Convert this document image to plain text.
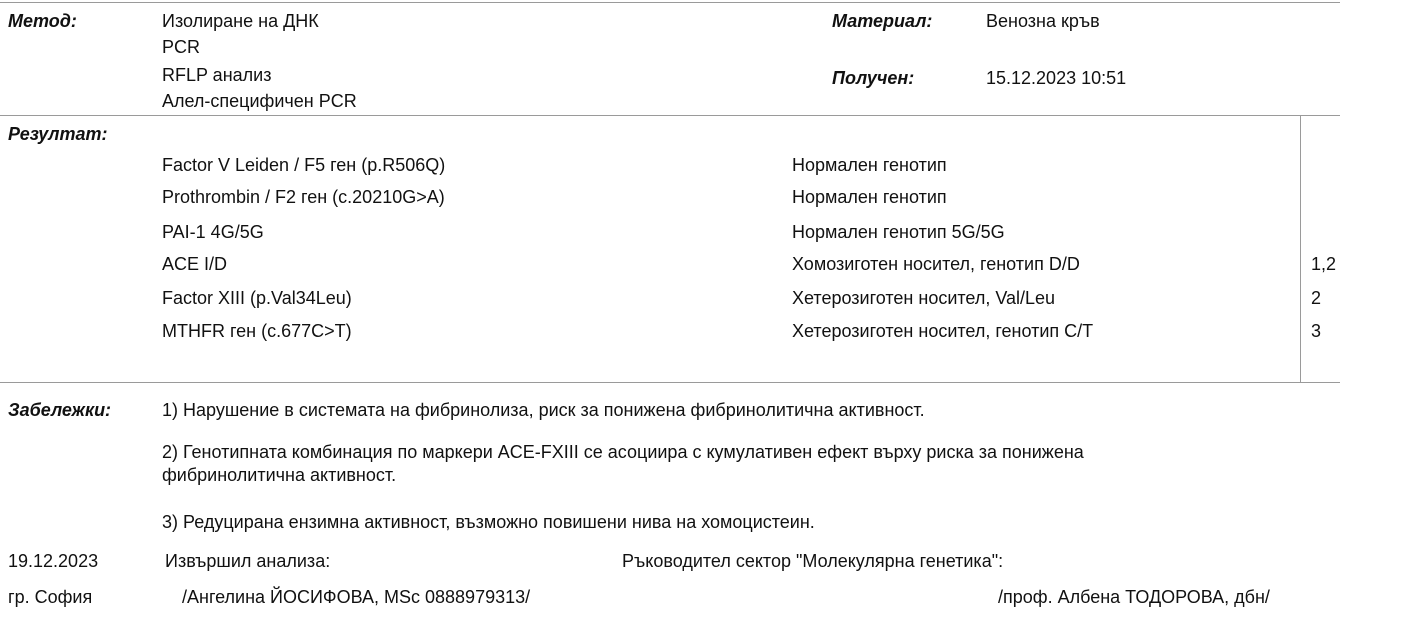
Метод:	Изолиране на ДНК
PCR
RFLP анализ
Алел-специфичен PCR
Материал:	Венозна кръв
Получен:	15.12.2023 10:51
Резултат:
Factor V Leiden / F5 ген (p.R506Q)	Нормален генотип
Prothrombin / F2 ген (c.20210G>A)	Нормален генотип
PAI-1 4G/5G	Нормален генотип 5G/5G
ACE I/D	Хомозиготен носител, генотип D/D	1,2
Factor XIII (p.Val34Leu)	Хетерозиготен носител, Val/Leu	2
MTHFR ген (c.677C>T)	Хетерозиготен носител, генотип C/T	3
Забележки:	1) Нарушение в системата на фибринолиза, риск за понижена фибринолитична активност.
2) Генотипната комбинация по маркери ACE-FXIII се асоциира с кумулативен ефект върху риска за понижена фибринолитична активност.
3) Редуцирана ензимна активност, възможно повишени нива на хомоцистеин.
19.12.2023	Извършил анализа:	Ръководител сектор "Молекулярна генетика":
гр. София	/Ангелина ЙОСИФОВА, MSc 0888979313/	/проф. Албена ТОДОРОВА, дбн/
